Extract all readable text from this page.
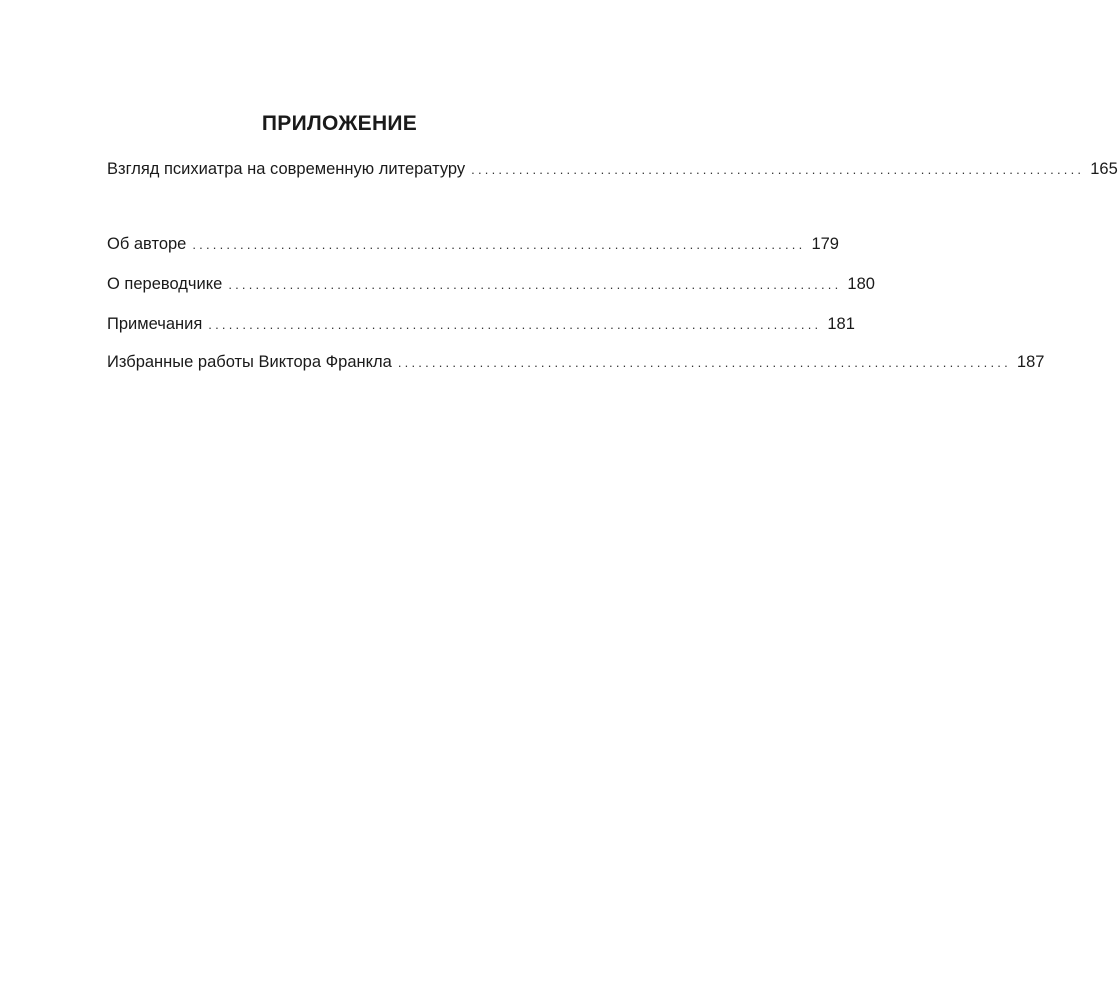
ПРИЛОЖЕНИЕ
Взгляд психиатра на современную литературу .......................................................................................... 165
Об авторе .......................................................................................... 179
О переводчике .......................................................................................... 180
Примечания .......................................................................................... 181
Избранные работы Виктора Франкла .......................................................................................... 187
